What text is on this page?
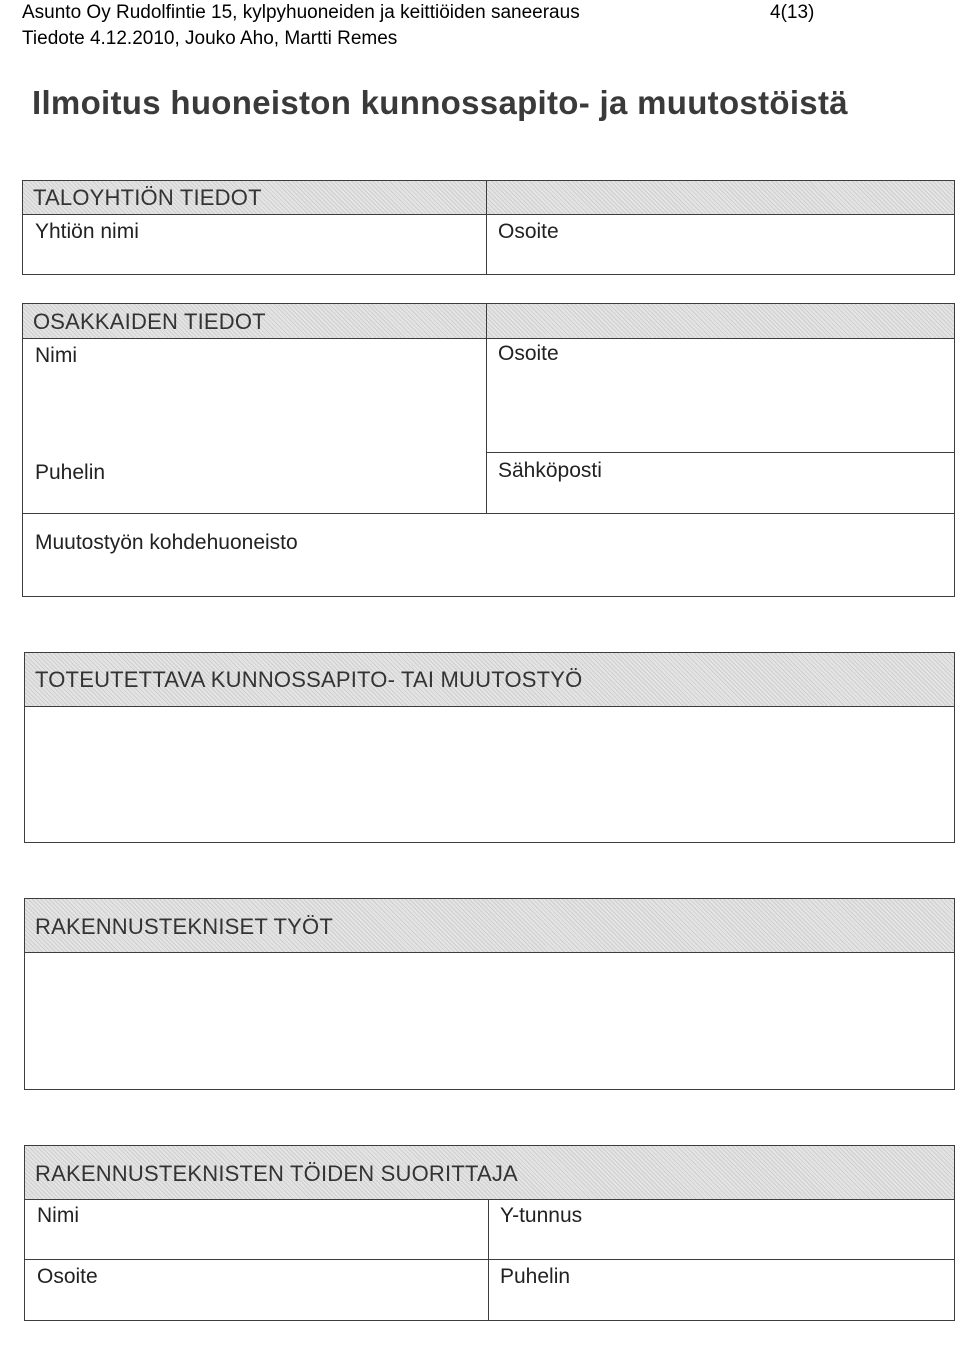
Asunto Oy Rudolfintie 15, kylpyhuoneiden ja keittiöiden saneeraus	4(13)
Tiedote 4.12.2010, Jouko Aho, Martti Remes
Ilmoitus huoneiston kunnossapito- ja muutostöistä
TALOYHTIÖN TIEDOT
Yhtiön nimi	Osoite
OSAKKAIDEN TIEDOT
Nimi	Osoite
Puhelin	Sähköposti
Muutostyön kohdehuoneisto
TOTEUTETTAVA KUNNOSSAPITO- TAI MUUTOSTYÖ
RAKENNUSTEKNISET TYÖT
RAKENNUSTEKNISTEN TÖIDEN SUORITTAJA
Nimi	Y-tunnus
Osoite	Puhelin
